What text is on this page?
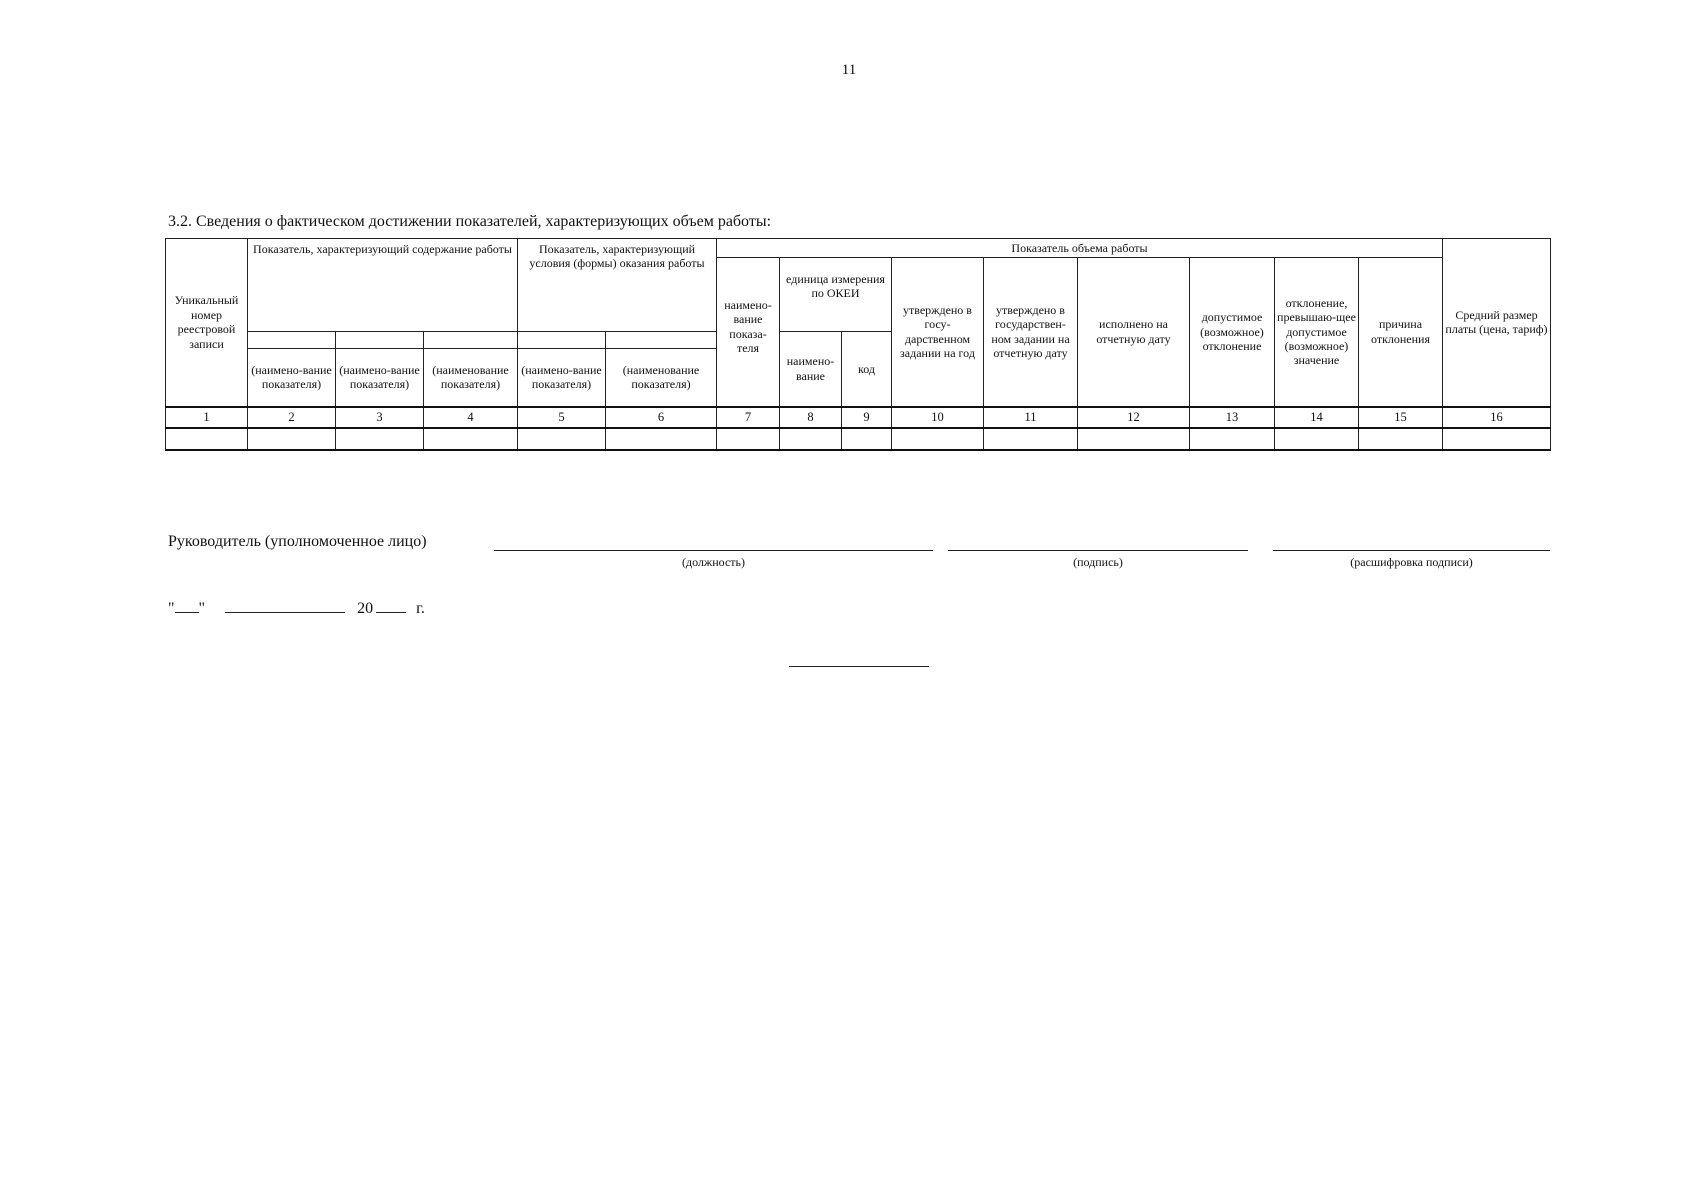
11
3.2. Сведения о фактическом достижении показателей, характеризующих объем работы:
Уникальный номер реестровой записи	Показатель, характеризующий содержание работы			Показатель, характеризующий условия (формы) оказания работы		Показатель объема работы									Средний размер платы (цена, тариф)
						наимено-вание показа-теля	единица измерения по ОКЕИ		утверждено в госу-дарственном задании на год	утверждено в государствен-ном задании на отчетную дату	исполнено на отчетную дату	допустимое (возможное) отклонение	отклонение, превышаю-щее допустимое (возможное) значение	причина отклонения	
							наимено-вание	код							
	(наимено-вание показателя)	(наимено-вание показателя)	(наименование показателя)	(наимено-вание показателя)	(наименование показателя)										
1	2	3	4	5	6	7	8	9	10	11	12	13	14	15	16

Руководитель (уполномоченное лицо)
(должность)	(подпись)	(расшифровка подписи)
" "	20	г.
